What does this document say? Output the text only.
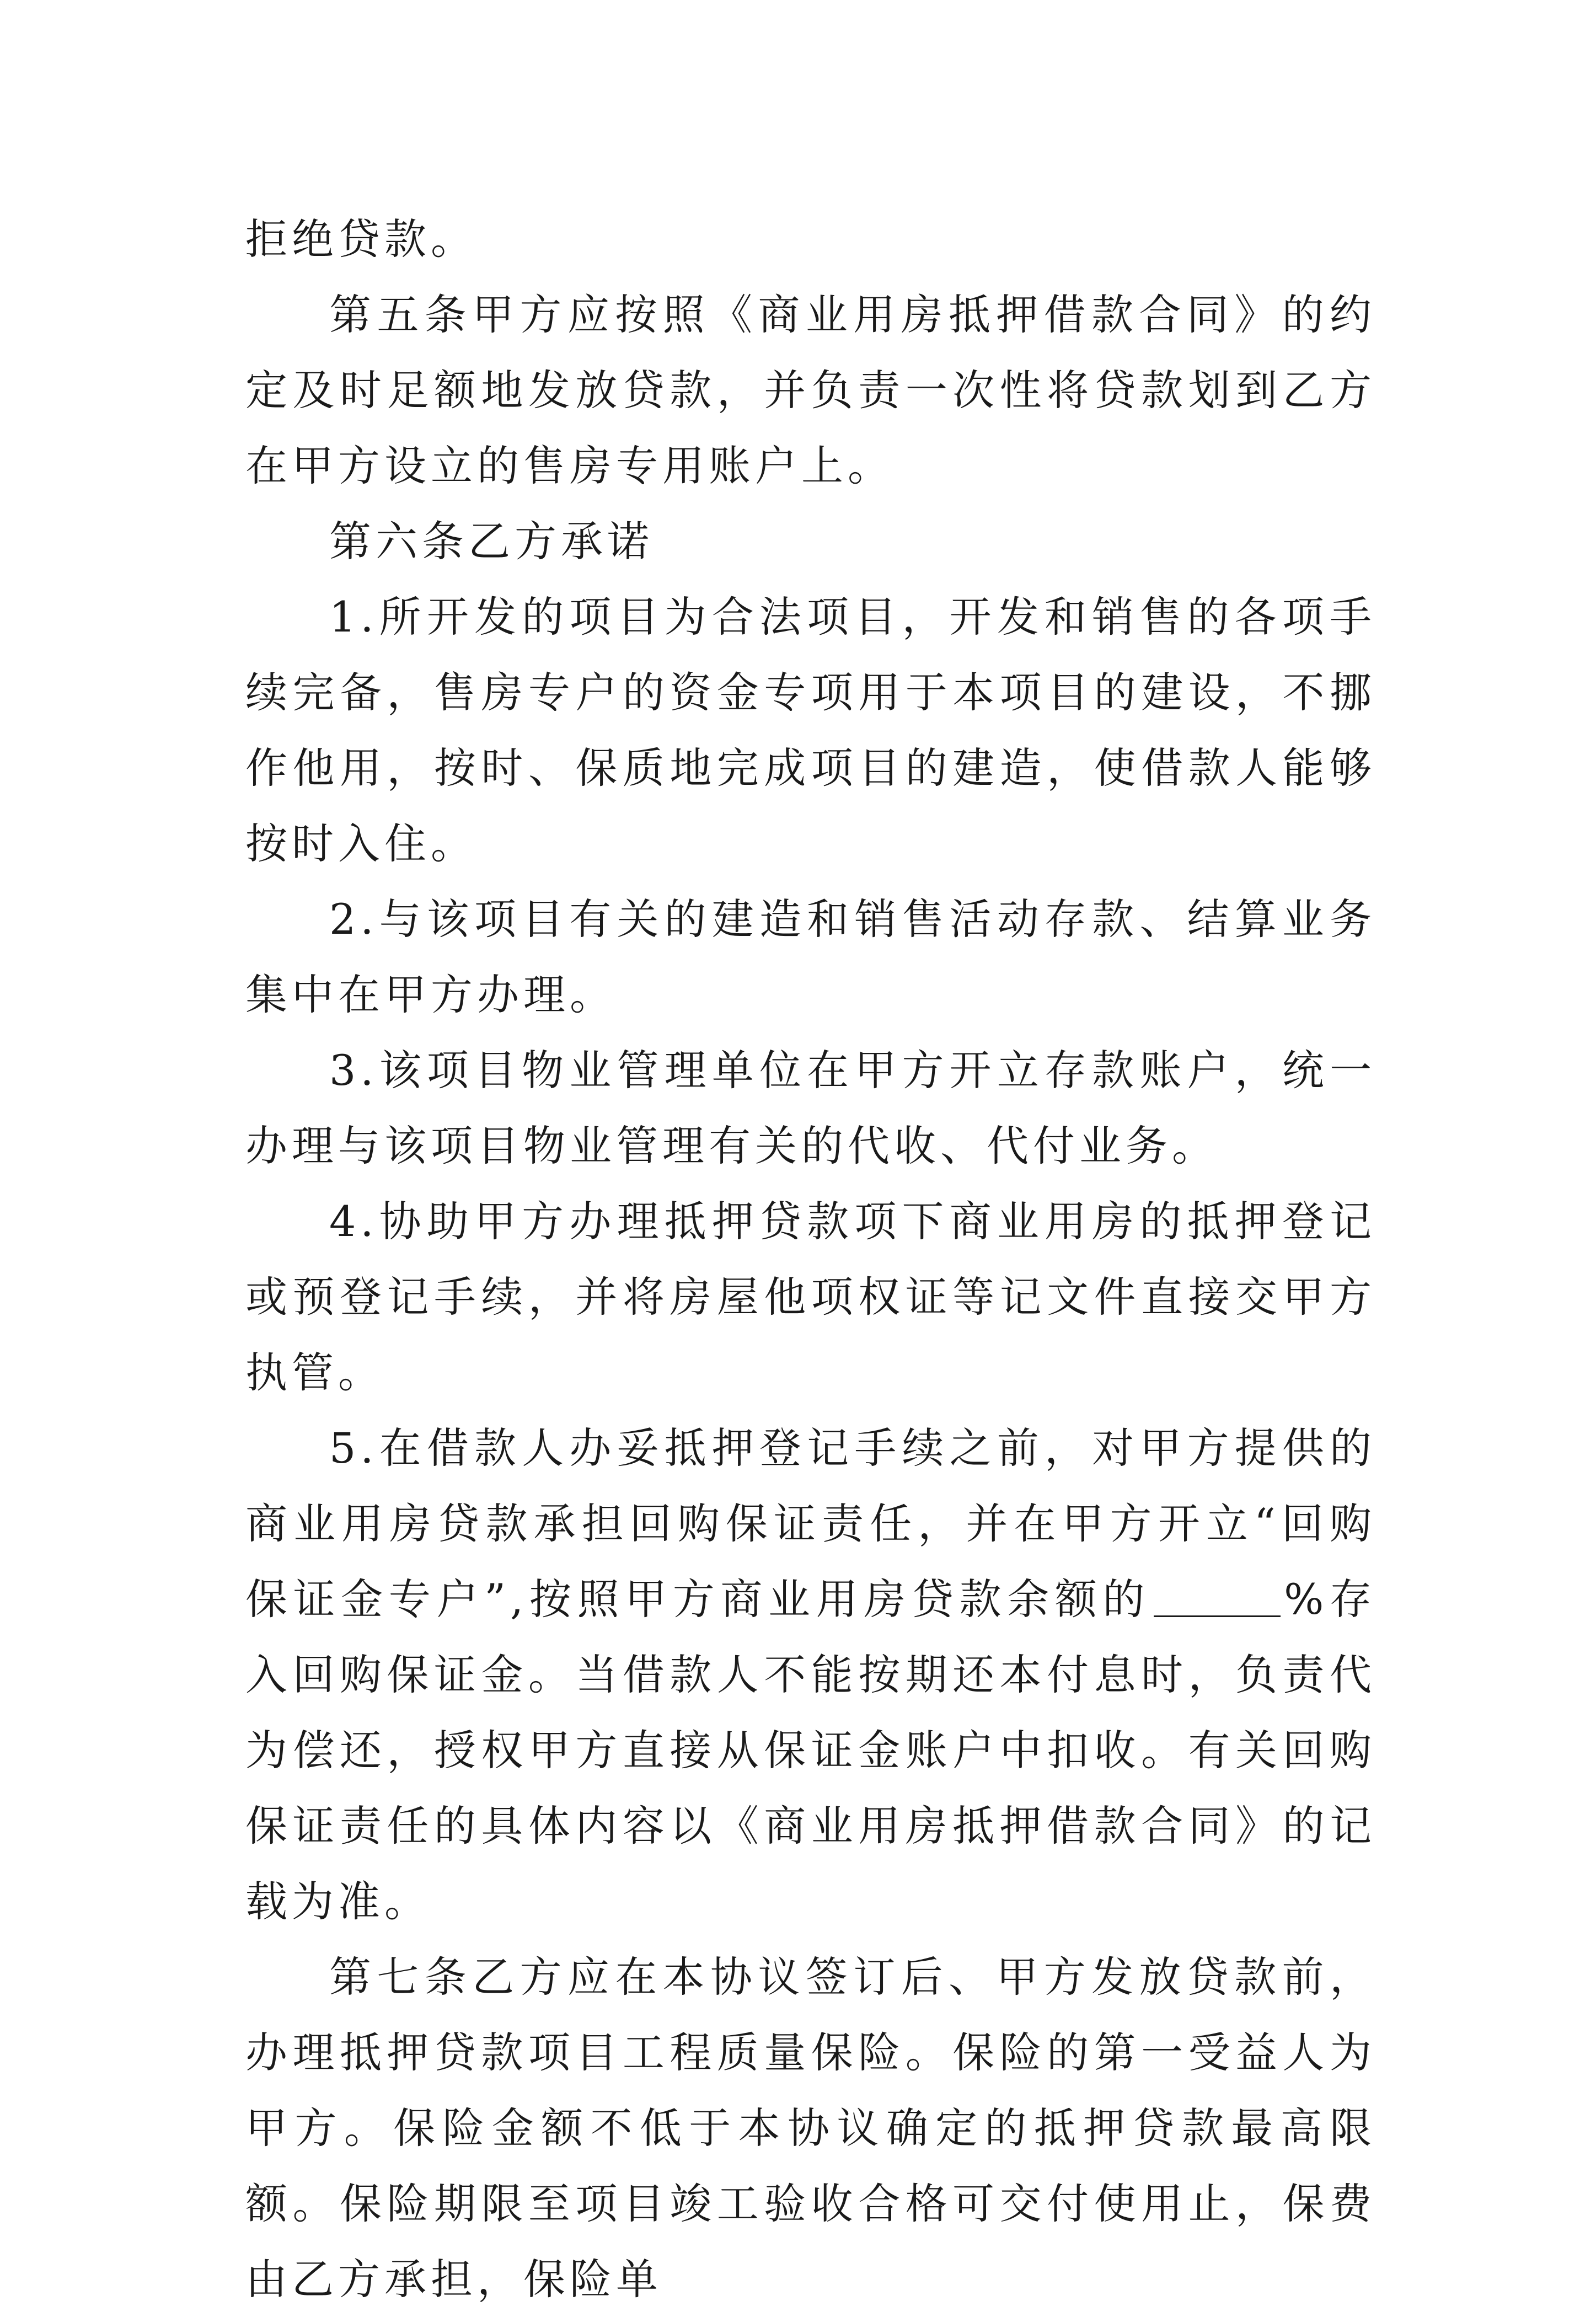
拒绝贷款。

第五条甲方应按照《商业用房抵押借款合同》的约定及时足额地发放贷款，并负责一次性将贷款划到乙方在甲方设立的售房专用账户上。

第六条乙方承诺

1.所开发的项目为合法项目，开发和销售的各项手续完备，售房专户的资金专项用于本项目的建设，不挪作他用，按时、保质地完成项目的建造，使借款人能够按时入住。

2.与该项目有关的建造和销售活动存款、结算业务集中在甲方办理。

3.该项目物业管理单位在甲方开立存款账户，统一办理与该项目物业管理有关的代收、代付业务。

4.协助甲方办理抵押贷款项下商业用房的抵押登记或预登记手续，并将房屋他项权证等记文件直接交甲方执管。

5.在借款人办妥抵押登记手续之前，对甲方提供的商业用房贷款承担回购保证责任，并在甲方开立“回购保证金专户”,按照甲方商业用房贷款余额的	%存入回购保证金。当借款人不能按期还本付息时，负责代为偿还，授权甲方直接从保证金账户中扣收。有关回购保证责任的具体内容以《商业用房抵押借款合同》的记载为准。

第七条乙方应在本协议签订后、甲方发放贷款前，办理抵押贷款项目工程质量保险。保险的第一受益人为甲方。保险金额不低于本协议确定的抵押贷款最高限额。保险期限至项目竣工验收合格可交付使用止，保费由乙方承担，保险单
